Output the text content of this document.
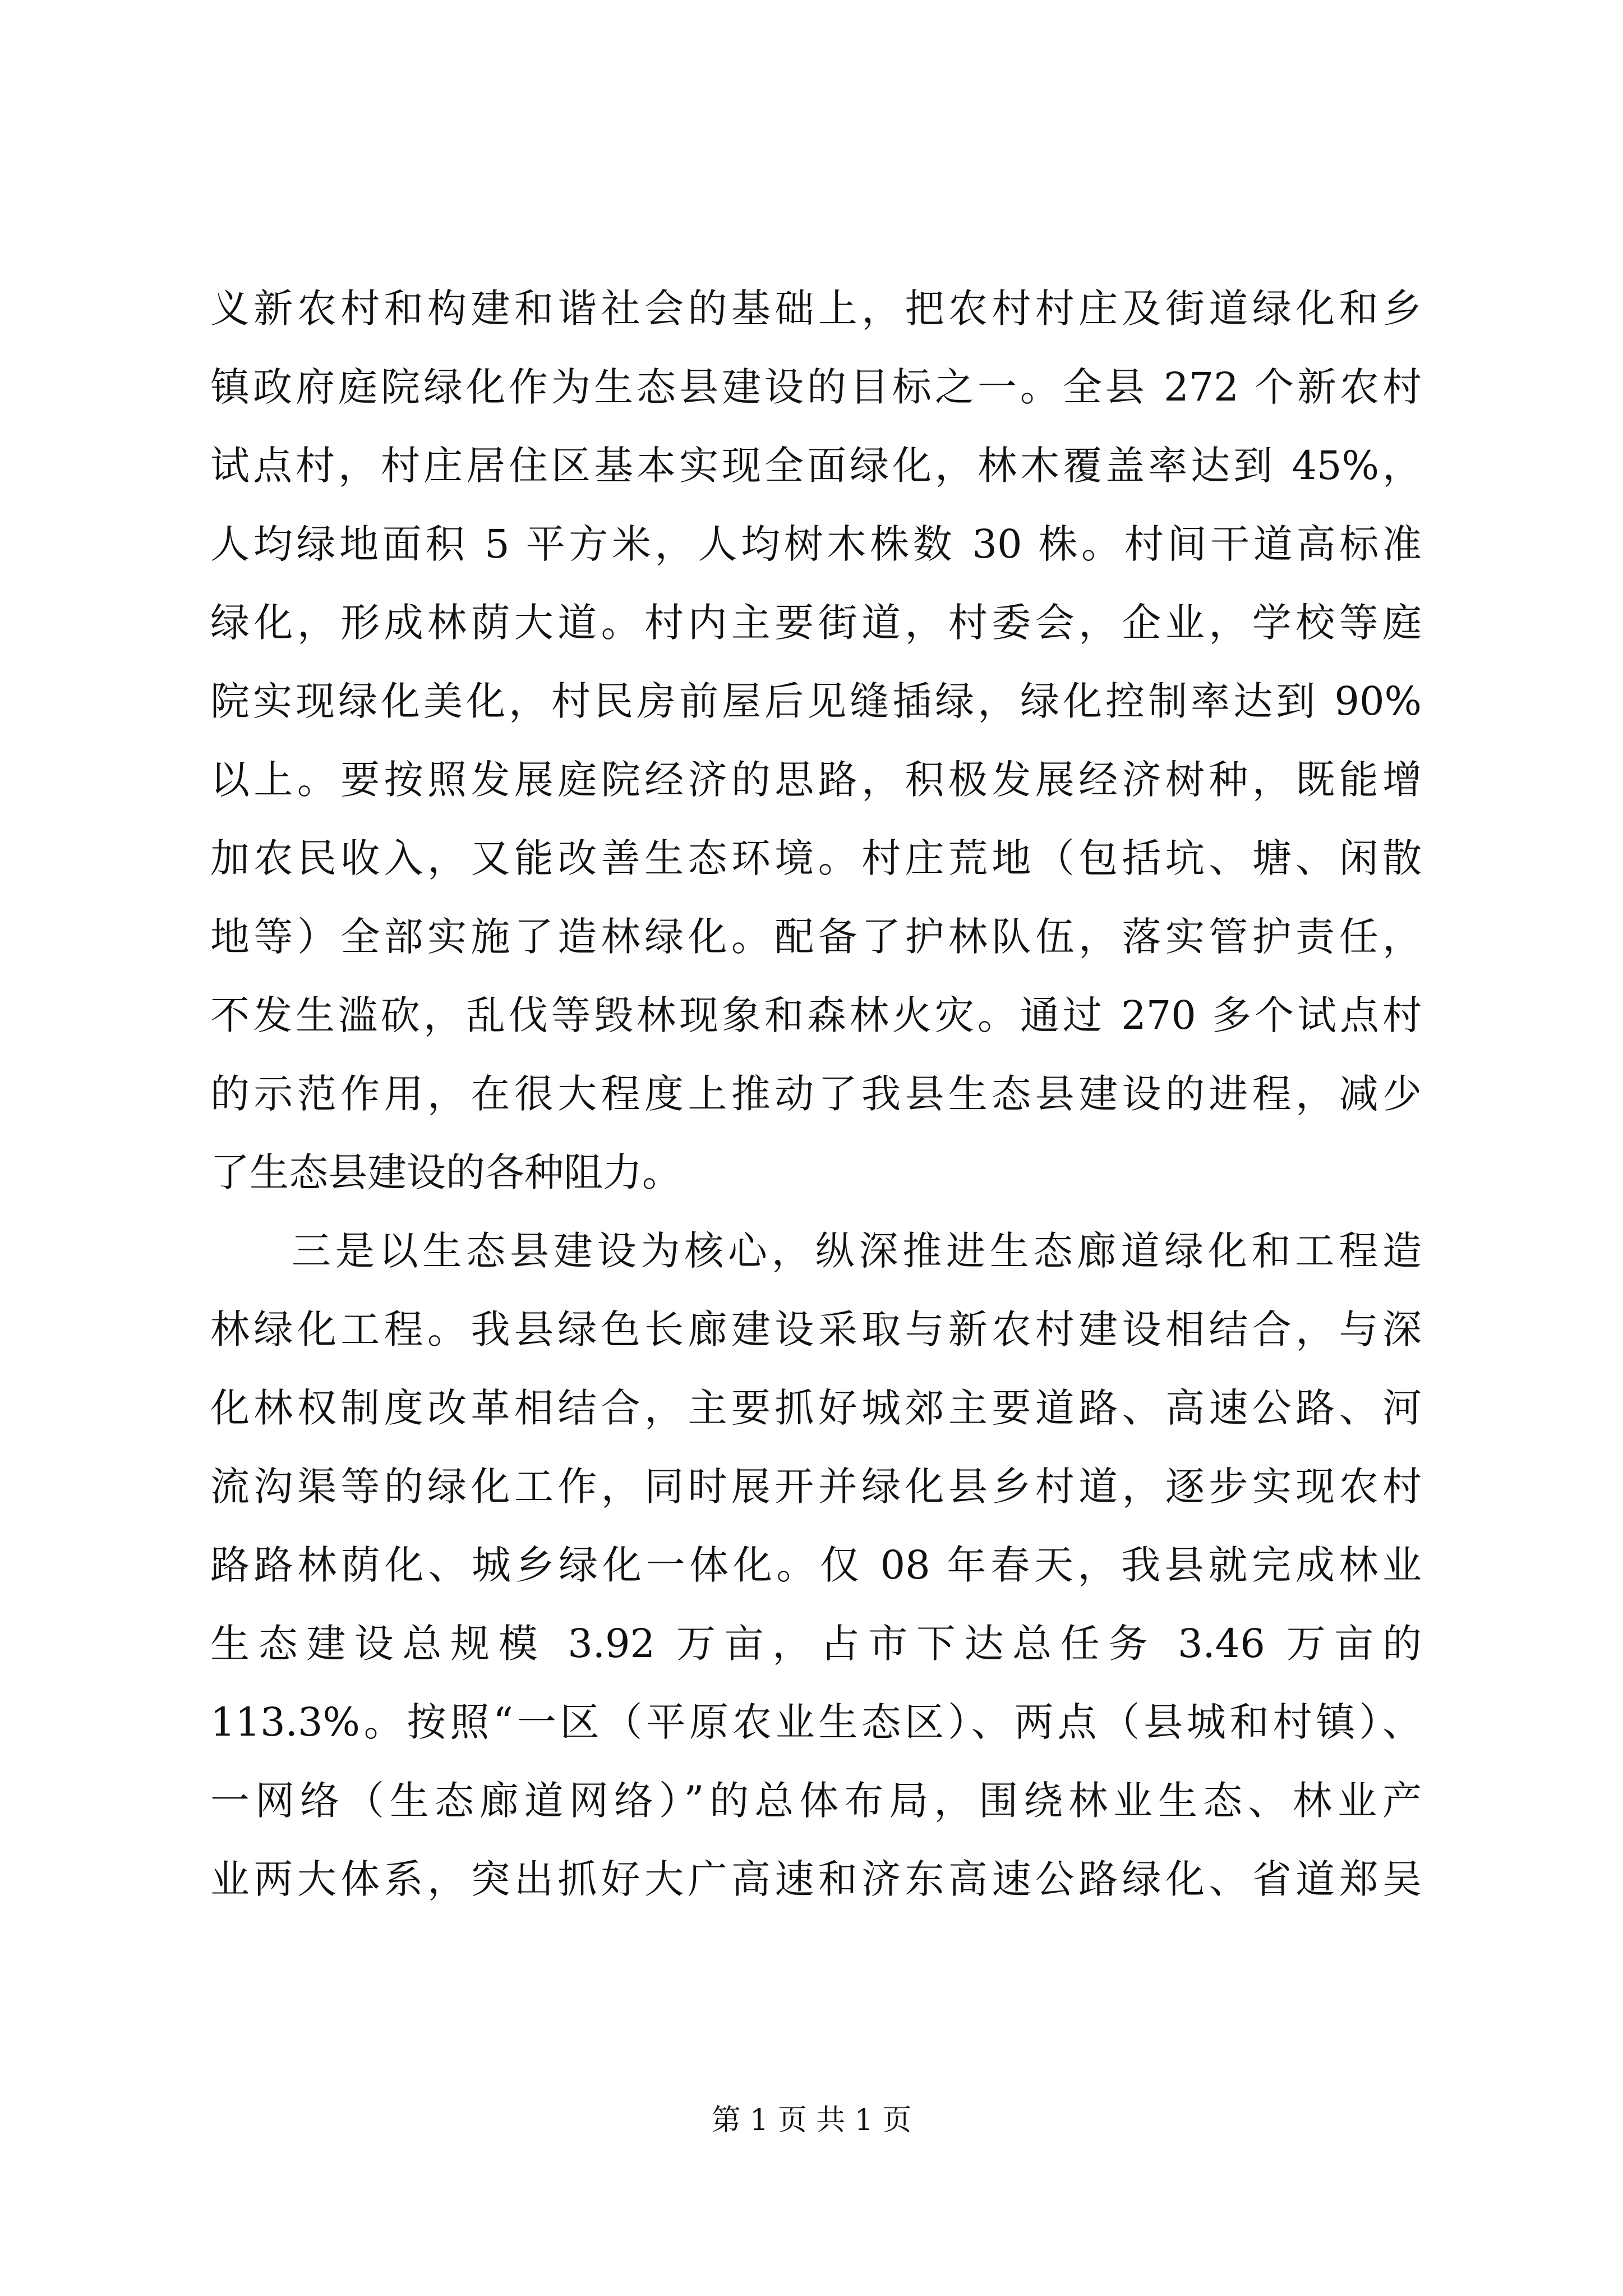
义新农村和构建和谐社会的基础上，把农村村庄及街道绿化和乡
镇政府庭院绿化作为生态县建设的目标之一。全县 272 个新农村
试点村，村庄居住区基本实现全面绿化，林木覆盖率达到 45%，
人均绿地面积 5 平方米，人均树木株数 30 株。村间干道高标准
绿化，形成林荫大道。村内主要街道，村委会，企业，学校等庭
院实现绿化美化，村民房前屋后见缝插绿，绿化控制率达到 90%
以上。要按照发展庭院经济的思路，积极发展经济树种，既能增
加农民收入，又能改善生态环境。村庄荒地（包括坑、塘、闲散
地等）全部实施了造林绿化。配备了护林队伍，落实管护责任，
不发生滥砍，乱伐等毁林现象和森林火灾。通过 270 多个试点村
的示范作用，在很大程度上推动了我县生态县建设的进程，减少
了生态县建设的各种阻力。
三是以生态县建设为核心，纵深推进生态廊道绿化和工程造
林绿化工程。我县绿色长廊建设采取与新农村建设相结合，与深
化林权制度改革相结合，主要抓好城郊主要道路、高速公路、河
流沟渠等的绿化工作，同时展开并绿化县乡村道，逐步实现农村
路路林荫化、城乡绿化一体化。仅 08 年春天，我县就完成林业
生态建设总规模 3.92 万亩，占市下达总任务 3.46 万亩的
113.3%。按照“一区（平原农业生态区）、两点（县城和村镇）、
一网络（生态廊道网络）”的总体布局，围绕林业生态、林业产
业两大体系，突出抓好大广高速和济东高速公路绿化、省道郑吴
第 1 页 共 1 页
